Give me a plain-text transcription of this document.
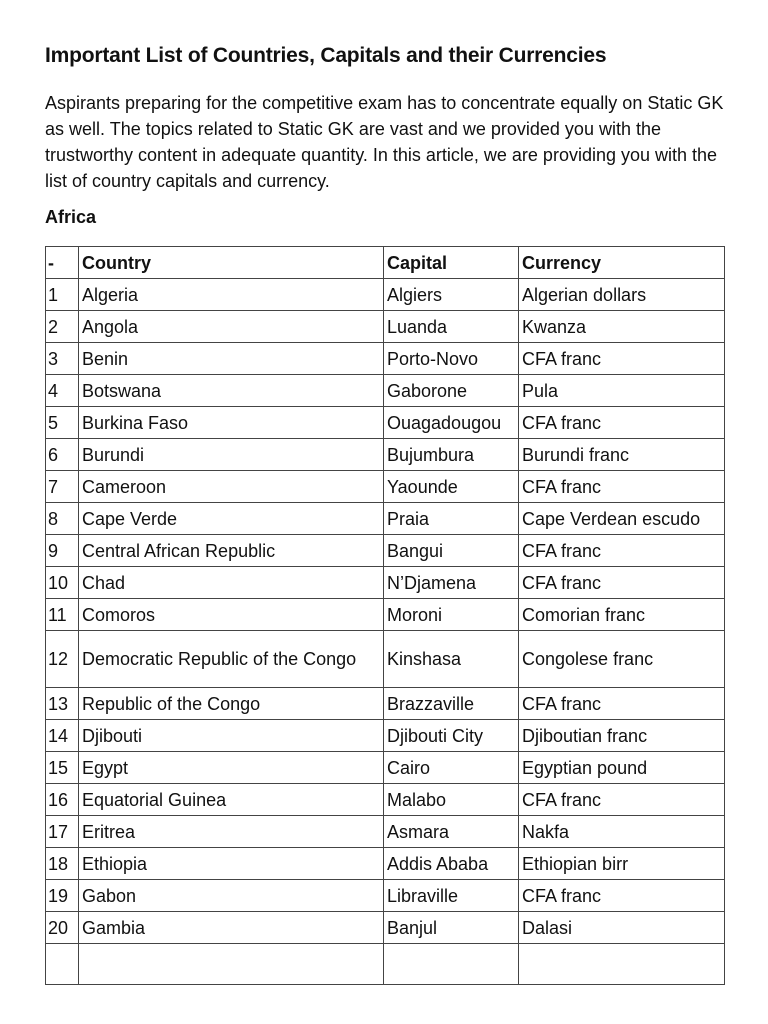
Important List of Countries, Capitals and their Currencies

Aspirants preparing for the competitive exam has to concentrate equally on Static GK as well. The topics related to Static GK are vast and we provided you with the trustworthy content in adequate quantity. In this article, we are providing you with the list of country capitals and currency.

Africa
-	Country	Capital	Currency
1	Algeria	Algiers	Algerian dollars
2	Angola	Luanda	Kwanza
3	Benin	Porto-Novo	CFA franc
4	Botswana	Gaborone	Pula
5	Burkina Faso	Ouagadougou	CFA franc
6	Burundi	Bujumbura	Burundi franc
7	Cameroon	Yaounde	CFA franc
8	Cape Verde	Praia	Cape Verdean escudo
9	Central African Republic	Bangui	CFA franc
10	Chad	N’Djamena	CFA franc
11	Comoros	Moroni	Comorian franc
12	Democratic Republic of the Congo	Kinshasa	Congolese franc
13	Republic of the Congo	Brazzaville	CFA franc
14	Djibouti	Djibouti City	Djiboutian franc
15	Egypt	Cairo	Egyptian pound
16	Equatorial Guinea	Malabo	CFA franc
17	Eritrea	Asmara	Nakfa
18	Ethiopia	Addis Ababa	Ethiopian birr
19	Gabon	Libraville	CFA franc
20	Gambia	Banjul	Dalasi
